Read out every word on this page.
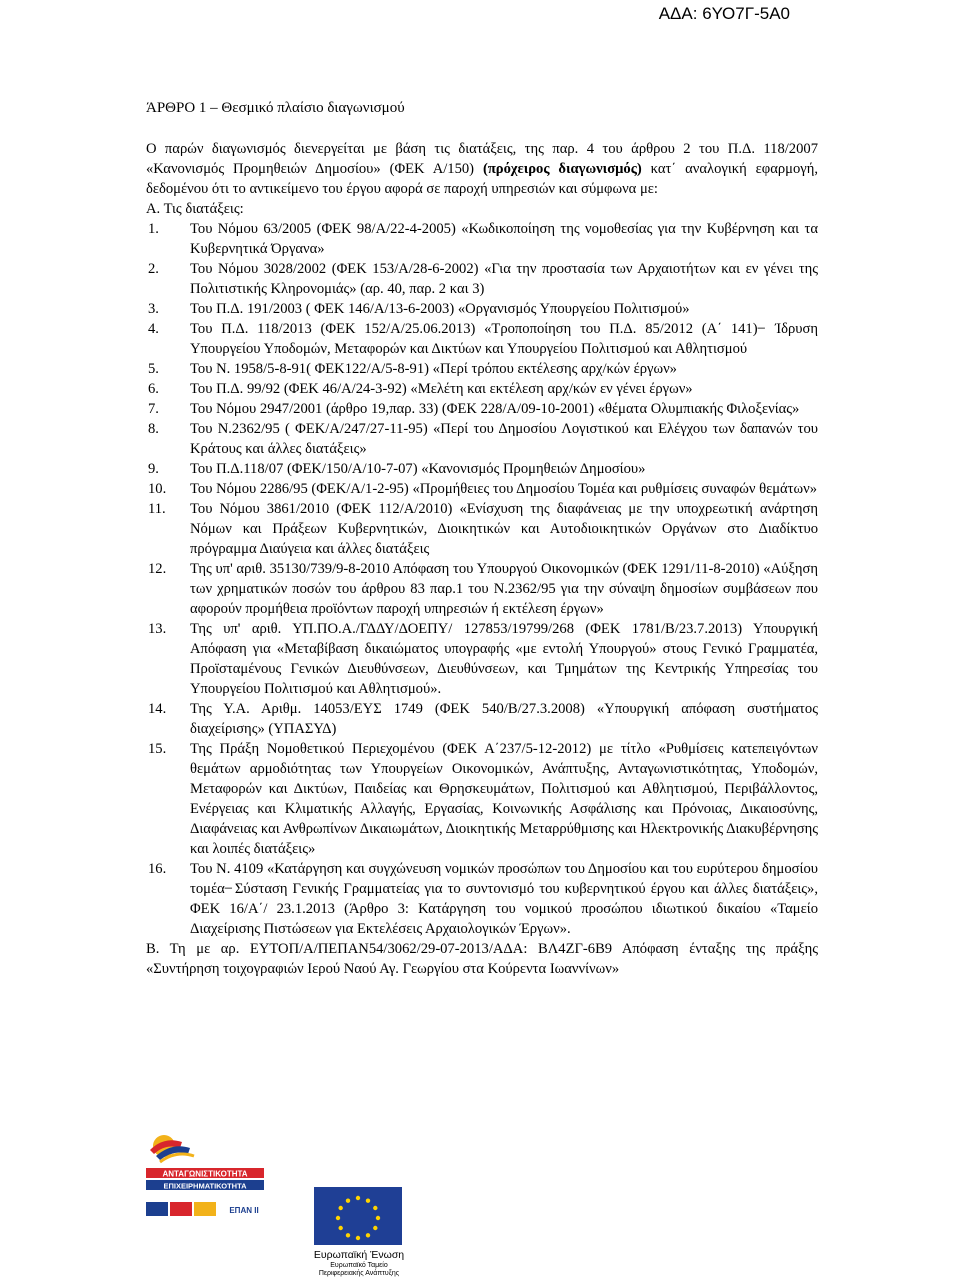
ΑΔΑ: 6ΥΟ7Γ-5Α0
ΆΡΘΡΟ 1 – Θεσμικό πλαίσιο διαγωνισμού

Ο παρών διαγωνισμός διενεργείται με βάση τις διατάξεις, της παρ. 4 του άρθρου 2 του Π.Δ. 118/2007 «Κανονισμός Προμηθειών Δημοσίου» (ΦΕΚ Α/150) (πρόχειρος διαγωνισμός) κατ΄ αναλογική εφαρμογή, δεδομένου ότι το αντικείμενο του έργου αφορά σε παροχή υπηρεσιών και σύμφωνα με:

Α. Τις διατάξεις:

1.	Του Νόμου 63/2005 (ΦΕΚ 98/Α/22-4-2005) «Κωδικοποίηση της νομοθεσίας για την Κυβέρνηση και τα Κυβερνητικά Όργανα»
2.	Του Νόμου 3028/2002 (ΦΕΚ 153/Α/28-6-2002) «Για την προστασία των Αρχαιοτήτων και εν γένει της Πολιτιστικής Κληρονομιάς» (αρ. 40, παρ. 2 και 3)
3.	Του Π.Δ. 191/2003 ( ΦΕΚ 146/Α/13-6-2003) «Οργανισμός Υπουργείου Πολιτισμού»
4.	Του Π.Δ. 118/2013 (ΦΕΚ 152/Α/25.06.2013) «Τροποποίηση του Π.Δ. 85/2012 (Α΄ 141) ̶ Ίδρυση Υπουργείου Υποδομών, Μεταφορών και Δικτύων και Υπουργείου Πολιτισμού και Αθλητισμού
5.	Του Ν. 1958/5-8-91( ΦΕΚ122/Α/5-8-91) «Περί τρόπου εκτέλεσης αρχ/κών έργων»
6.	Του Π.Δ. 99/92 (ΦΕΚ 46/Α/24-3-92) «Μελέτη και εκτέλεση αρχ/κών εν γένει έργων»
7.	Του Νόμου 2947/2001 (άρθρο 19,παρ. 33) (ΦΕΚ 228/Α/09-10-2001) «θέματα Ολυμπιακής Φιλοξενίας»
8.	Του Ν.2362/95 ( ΦΕΚ/Α/247/27-11-95) «Περί του Δημοσίου Λογιστικού και Ελέγχου των δαπανών του Κράτους και άλλες διατάξεις»
9.	Του Π.Δ.118/07 (ΦΕΚ/150/Α/10-7-07) «Κανονισμός Προμηθειών Δημοσίου»
10.	Του Νόμου 2286/95 (ΦΕΚ/Α/1-2-95) «Προμήθειες του Δημοσίου Τομέα και ρυθμίσεις συναφών θεμάτων»
11.	Του Νόμου 3861/2010 (ΦΕΚ 112/Α/2010) «Ενίσχυση της διαφάνειας με την υποχρεωτική ανάρτηση Νόμων και Πράξεων Κυβερνητικών, Διοικητικών και Αυτοδιοικητικών Οργάνων στο Διαδίκτυο πρόγραμμα Διαύγεια και άλλες διατάξεις
12.	Της υπ' αριθ. 35130/739/9-8-2010 Απόφαση του Υπουργού Οικονομικών (ΦΕΚ 1291/11-8-2010) «Αύξηση των χρηματικών ποσών του άρθρου 83 παρ.1 του Ν.2362/95 για την σύναψη δημοσίων συμβάσεων που αφορούν προμήθεια προϊόντων παροχή υπηρεσιών ή εκτέλεση έργων»
13.	Της υπ' αριθ. ΥΠ.ΠΟ.Α./ΓΔΔΥ/ΔΟΕΠΥ/ 127853/19799/268 (ΦΕΚ 1781/Β/23.7.2013) Υπουργική Απόφαση για «Μεταβίβαση δικαιώματος υπογραφής «με εντολή Υπουργού» στους Γενικό Γραμματέα, Προϊσταμένους Γενικών Διευθύνσεων, Διευθύνσεων, και Τμημάτων της Κεντρικής Υπηρεσίας του Υπουργείου Πολιτισμού και Αθλητισμού».
14.	Της Υ.Α. Αριθμ. 14053/ΕΥΣ 1749 (ΦΕΚ 540/Β/27.3.2008) «Υπουργική απόφαση συστήματος διαχείρισης» (ΥΠΑΣΥΔ)
15.	Της Πράξη Νομοθετικού Περιεχομένου (ΦΕΚ Α΄237/5-12-2012) με τίτλο «Ρυθμίσεις κατεπειγόντων θεμάτων αρμοδιότητας των Υπουργείων Οικονομικών, Ανάπτυξης, Ανταγωνιστικότητας, Υποδομών, Μεταφορών και Δικτύων, Παιδείας και Θρησκευμάτων, Πολιτισμού και Αθλητισμού, Περιβάλλοντος, Ενέργειας και Κλιματικής Αλλαγής, Εργασίας, Κοινωνικής Ασφάλισης και Πρόνοιας, Δικαιοσύνης, Διαφάνειας και Ανθρωπίνων Δικαιωμάτων, Διοικητικής Μεταρρύθμισης και Ηλεκτρονικής Διακυβέρνησης και λοιπές διατάξεις»
16.	Του Ν. 4109 «Κατάργηση και συγχώνευση νομικών προσώπων του Δημοσίου και του ευρύτερου δημοσίου τομέα ̶ Σύσταση Γενικής Γραμματείας για το συντονισμό του κυβερνητικού έργου και άλλες διατάξεις», ΦΕΚ 16/Α΄/ 23.1.2013 (Άρθρο 3: Κατάργηση του νομικού προσώπου ιδιωτικού δικαίου «Ταμείο Διαχείρισης Πιστώσεων για Εκτελέσεις Αρχαιολογικών Έργων».

Β. Τη με αρ. ΕΥΤΟΠ/Α/ΠΕΠΑΝ54/3062/29-07-2013/ΑΔΑ: ΒΛ4ΖΓ-6Β9 Απόφαση ένταξης της πράξης «Συντήρηση τοιχογραφιών Ιερού Ναού Αγ. Γεωργίου στα Κούρεντα Ιωαννίνων»

ΑΝΤΑΓΩΝΙΣΤΙΚΟΤΗΤΑ
ΕΠΙΧΕΙΡΗΜΑΤΙΚΟΤΗΤΑ
ΕΠΑΝ ΙΙ
Ευρωπαϊκή Ένωση
Ευρωπαϊκό Ταμείο
Περιφερειακής Ανάπτυξης
